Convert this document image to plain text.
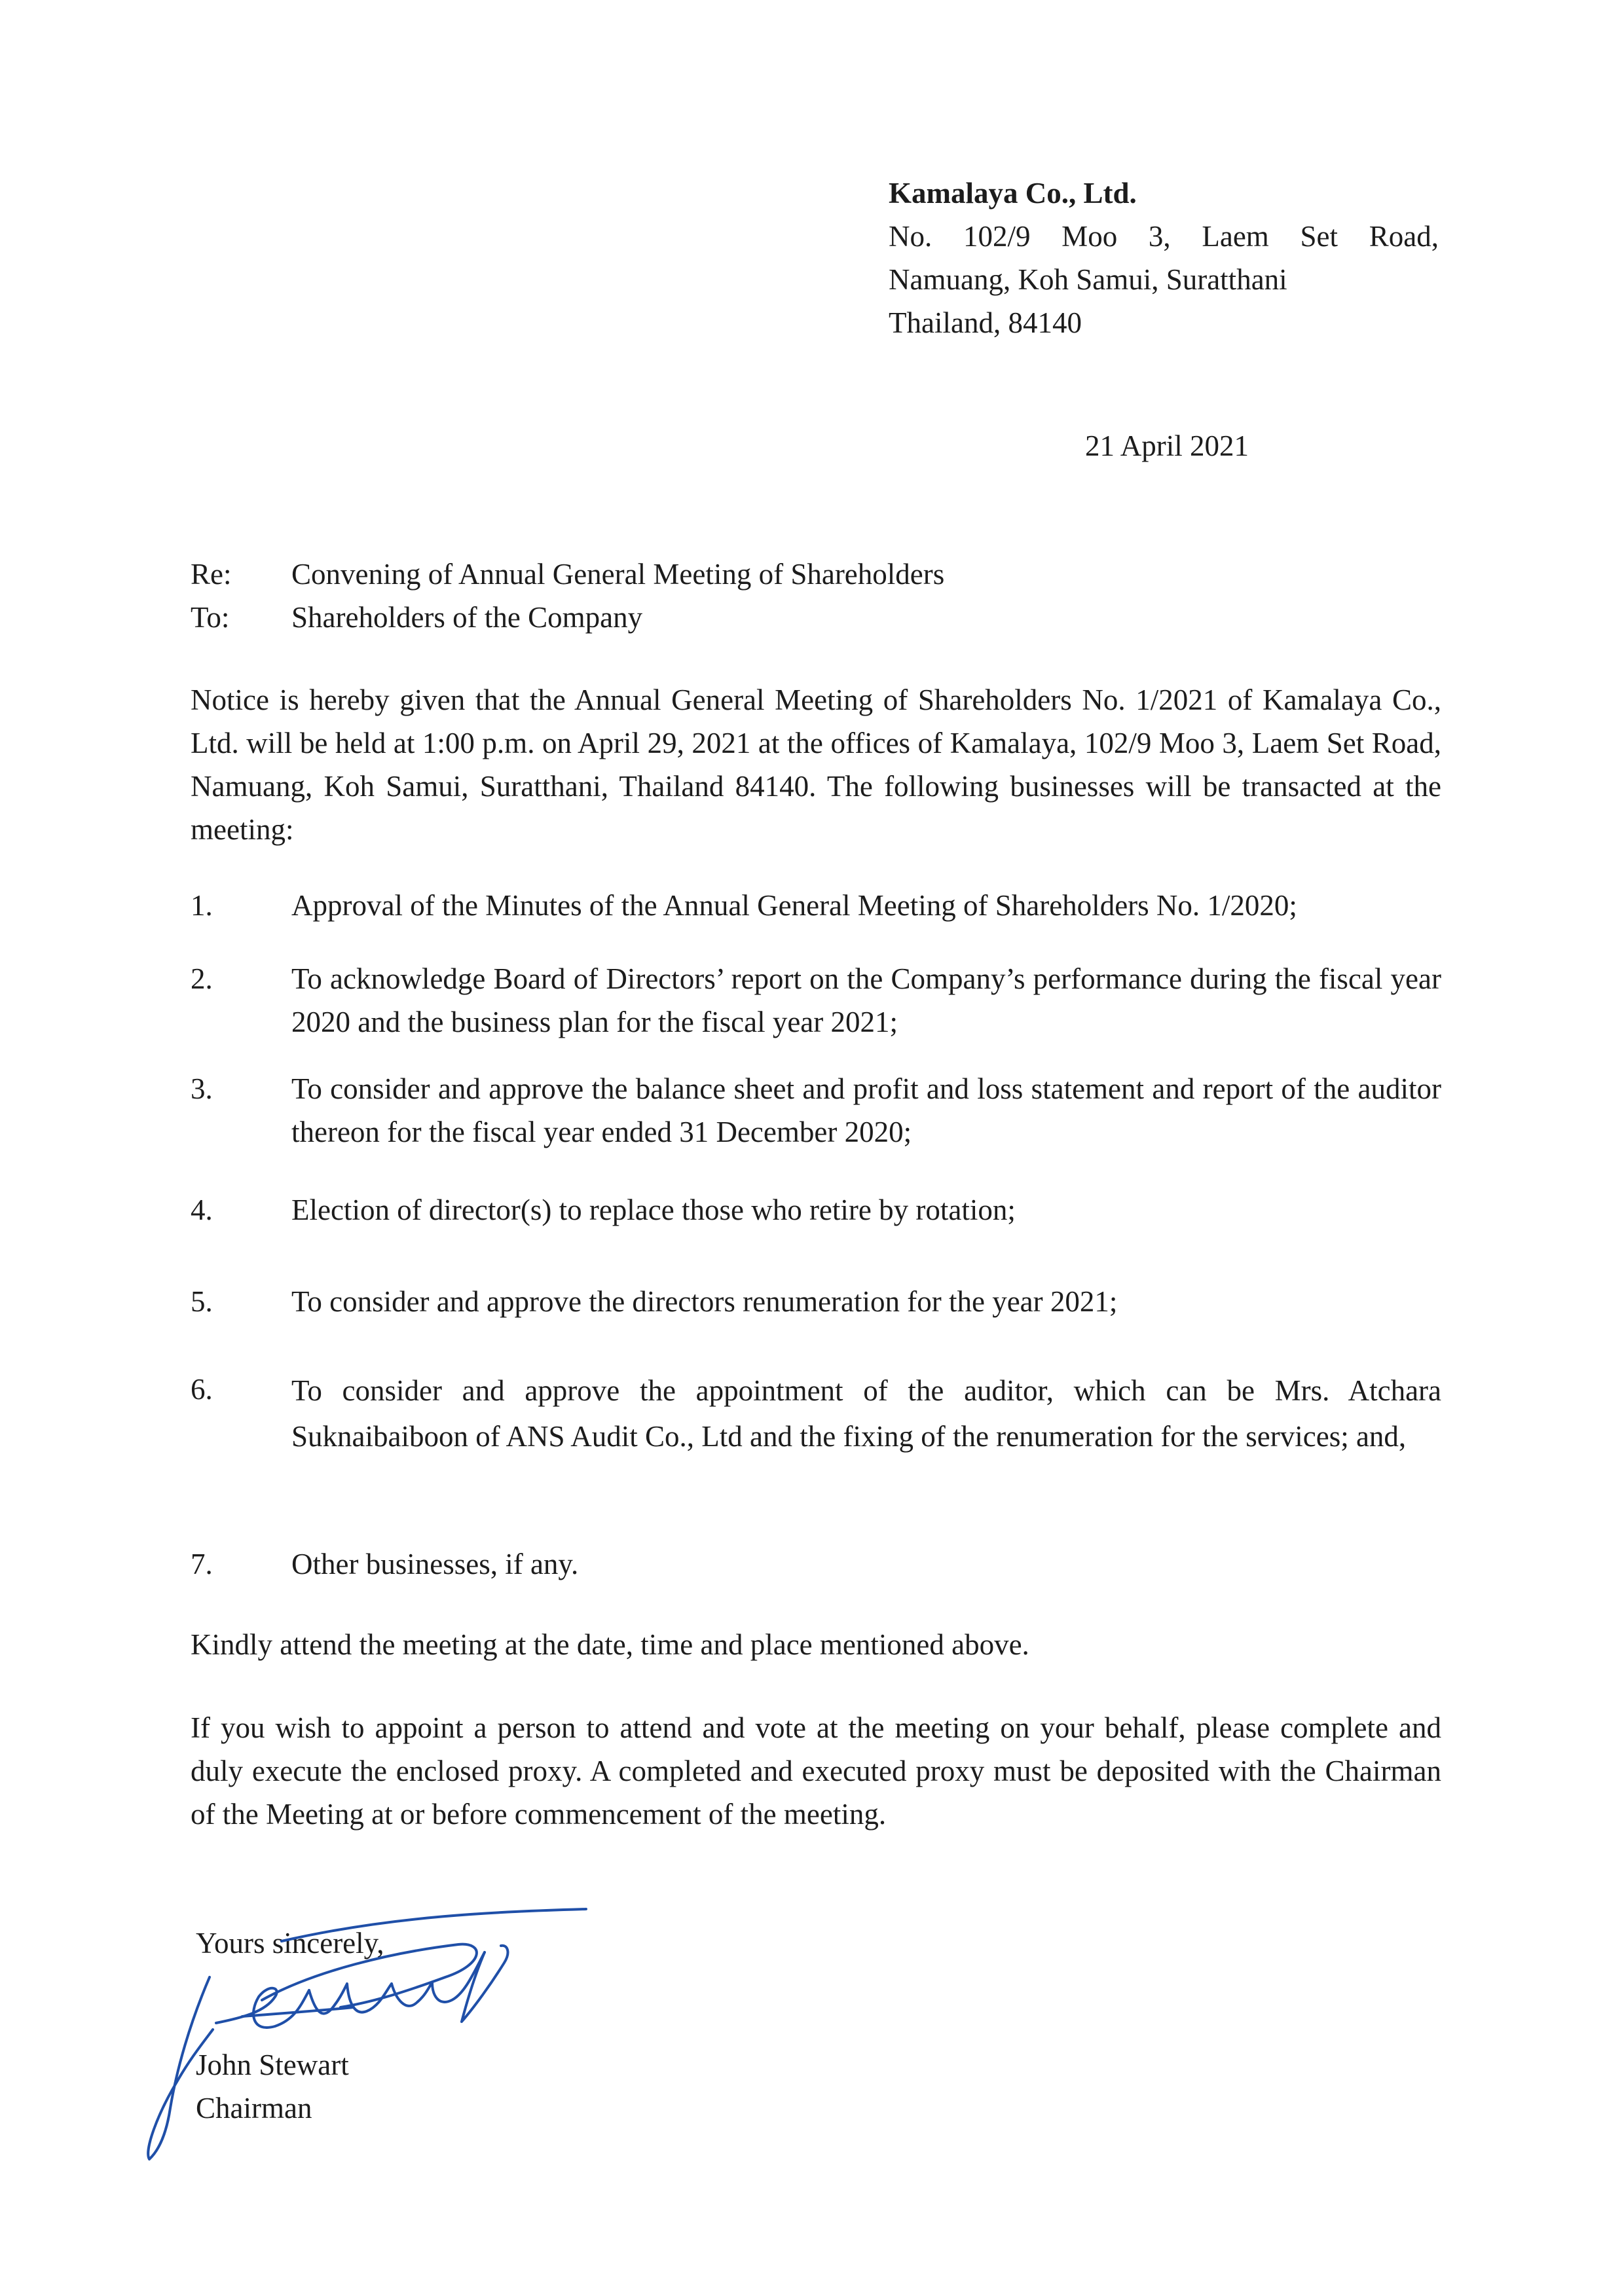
Kamalaya Co., Ltd.
No. 102/9 Moo 3, Laem Set Road,
Namuang, Koh Samui, Suratthani
Thailand, 84140
21 April 2021
Re:	Convening of Annual General Meeting of Shareholders
To:	Shareholders of the Company

Notice is hereby given that the Annual General Meeting of Shareholders No. 1/2021 of Kamalaya Co., Ltd. will be held at 1:00 p.m. on April 29, 2021 at the offices of Kamalaya, 102/9 Moo 3, Laem Set Road, Namuang, Koh Samui, Suratthani, Thailand 84140. The following businesses will be transacted at the meeting:

1.	Approval of the Minutes of the Annual General Meeting of Shareholders No. 1/2020;
2.	To acknowledge Board of Directors’ report on the Company’s performance during the fiscal year 2020 and the business plan for the fiscal year 2021;
3.	To consider and approve the balance sheet and profit and loss statement and report of the auditor thereon for the fiscal year ended 31 December 2020;
4.	Election of director(s) to replace those who retire by rotation;
5.	To consider and approve the directors renumeration for the year 2021;
6.	To consider and approve the appointment of the auditor, which can be Mrs. Atchara Suknaibaiboon of ANS Audit Co., Ltd and the fixing of the renumeration for the services; and,
7.	Other businesses, if any.

Kindly attend the meeting at the date, time and place mentioned above.

If you wish to appoint a person to attend and vote at the meeting on your behalf, please complete and duly execute the enclosed proxy. A completed and executed proxy must be deposited with the Chairman of the Meeting at or before commencement of the meeting.

Yours sincerely,
John Stewart
Chairman
